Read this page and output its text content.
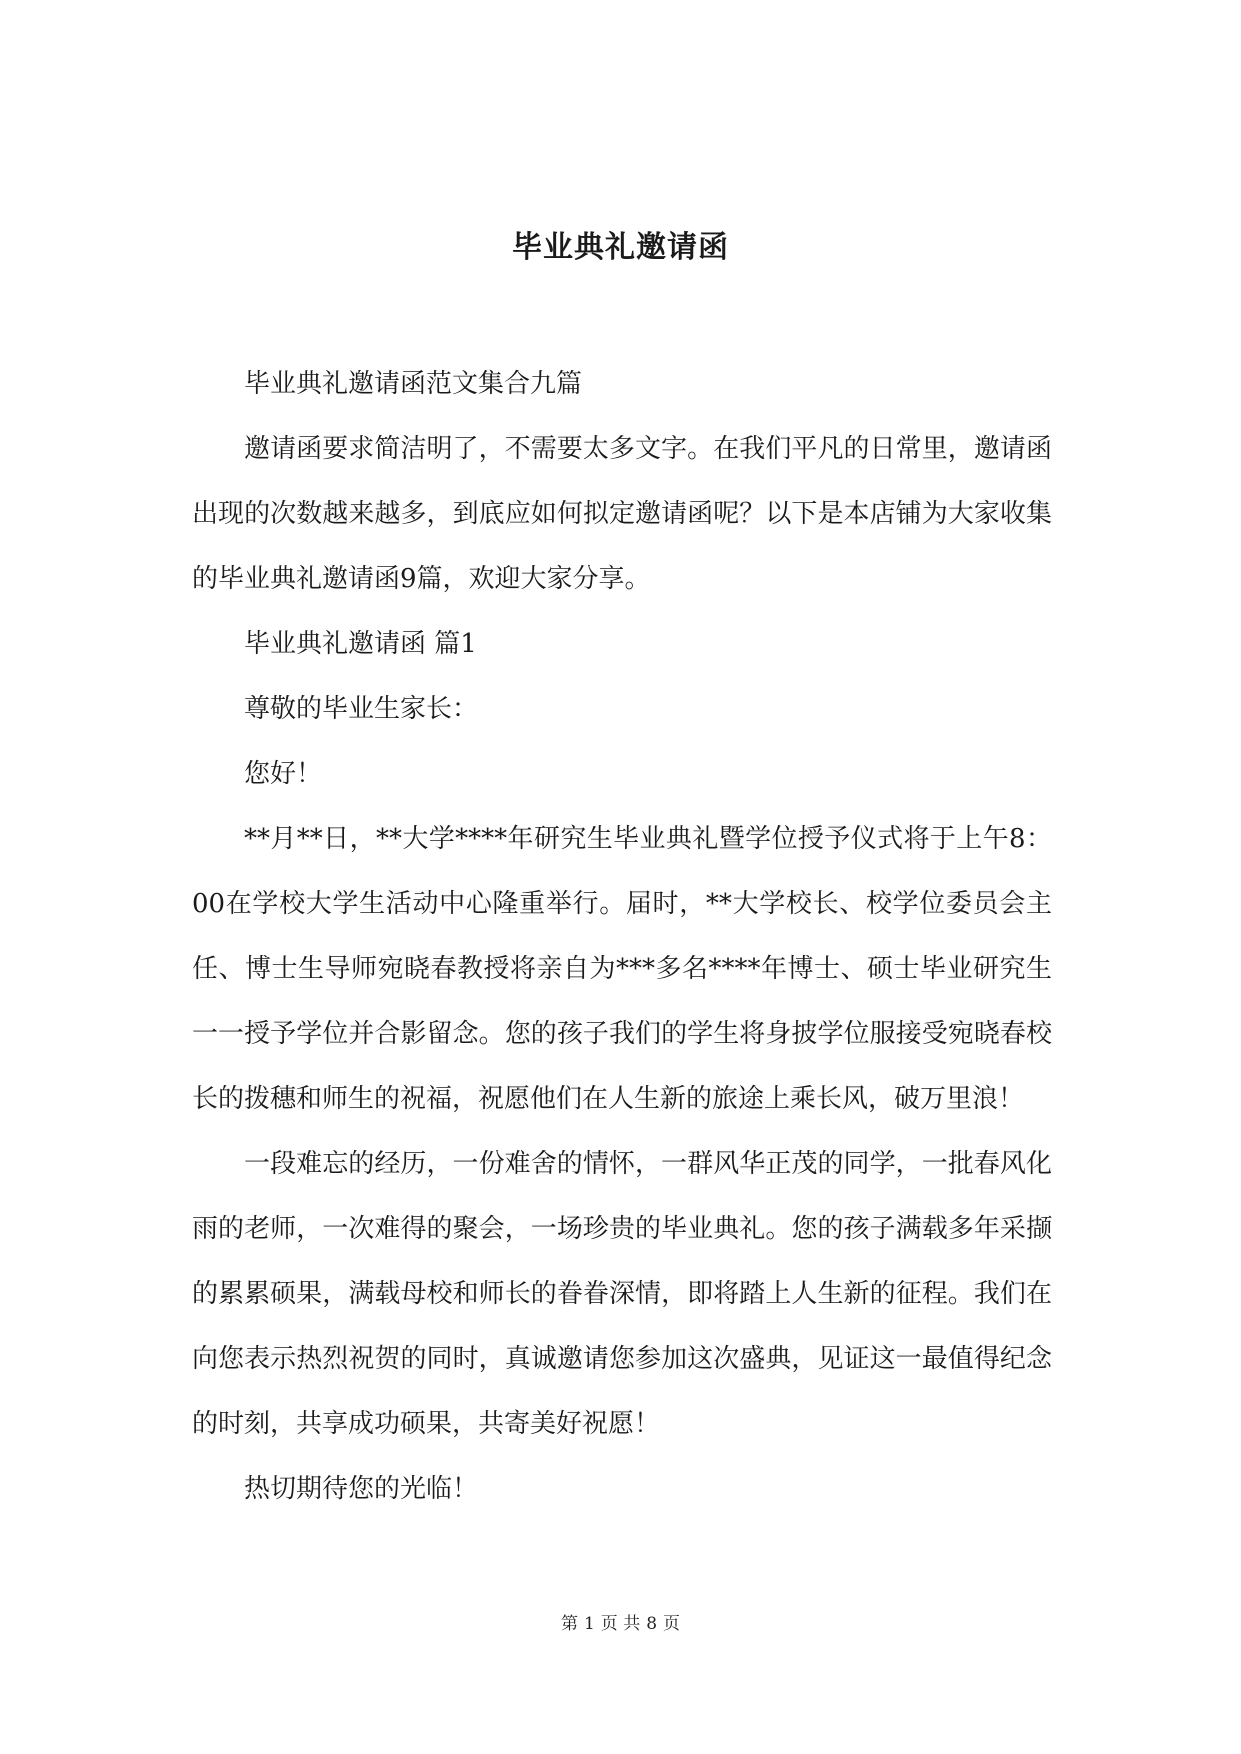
毕业典礼邀请函

毕业典礼邀请函范文集合九篇

邀请函要求简洁明了，不需要太多文字。在我们平凡的日常里，邀请函出现的次数越来越多，到底应如何拟定邀请函呢？以下是本店铺为大家收集的毕业典礼邀请函9篇，欢迎大家分享。

毕业典礼邀请函 篇1

尊敬的毕业生家长：

您好！

**月**日，**大学****年研究生毕业典礼暨学位授予仪式将于上午8：00在学校大学生活动中心隆重举行。届时，**大学校长、校学位委员会主任、博士生导师宛晓春教授将亲自为***多名****年博士、硕士毕业研究生一一授予学位并合影留念。您的孩子我们的学生将身披学位服接受宛晓春校长的拨穗和师生的祝福，祝愿他们在人生新的旅途上乘长风，破万里浪！

一段难忘的经历，一份难舍的情怀，一群风华正茂的同学，一批春风化雨的老师，一次难得的聚会，一场珍贵的毕业典礼。您的孩子满载多年采撷的累累硕果，满载母校和师长的眷眷深情，即将踏上人生新的征程。我们在向您表示热烈祝贺的同时，真诚邀请您参加这次盛典，见证这一最值得纪念的时刻，共享成功硕果，共寄美好祝愿！

热切期待您的光临！

第 1 页 共 8 页
